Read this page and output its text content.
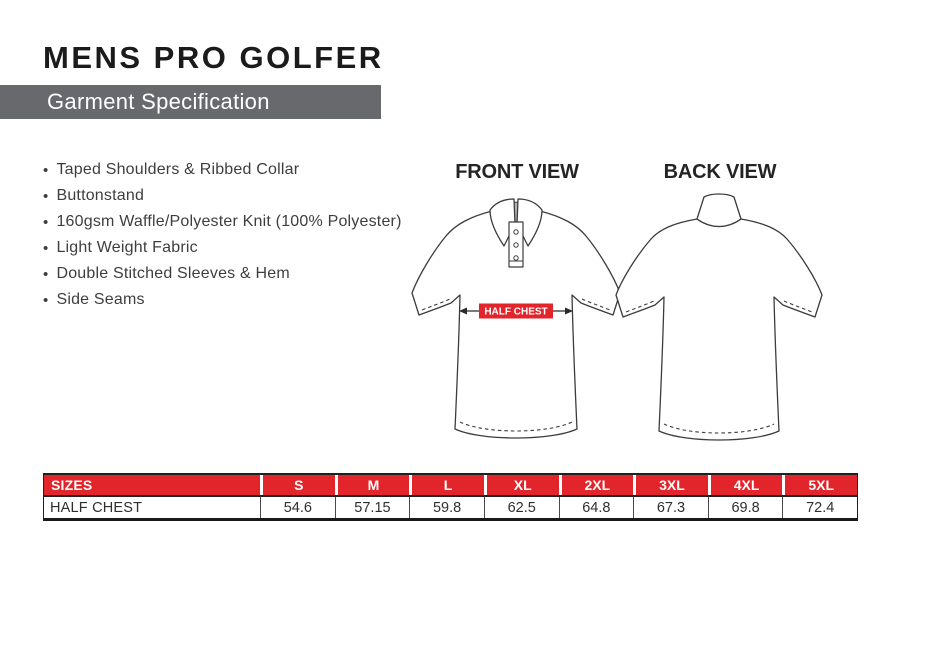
MENS PRO GOLFER
Garment Specification
• Taped Shoulders & Ribbed Collar
• Buttonstand
• 160gsm Waffle/Polyester Knit (100% Polyester)
• Light Weight Fabric
• Double Stitched Sleeves & Hem
• Side Seams
FRONT VIEW	BACK VIEW
HALF CHEST
SIZES	S	M	L	XL	2XL	3XL	4XL	5XL
HALF CHEST	54.6	57.15	59.8	62.5	64.8	67.3	69.8	72.4
